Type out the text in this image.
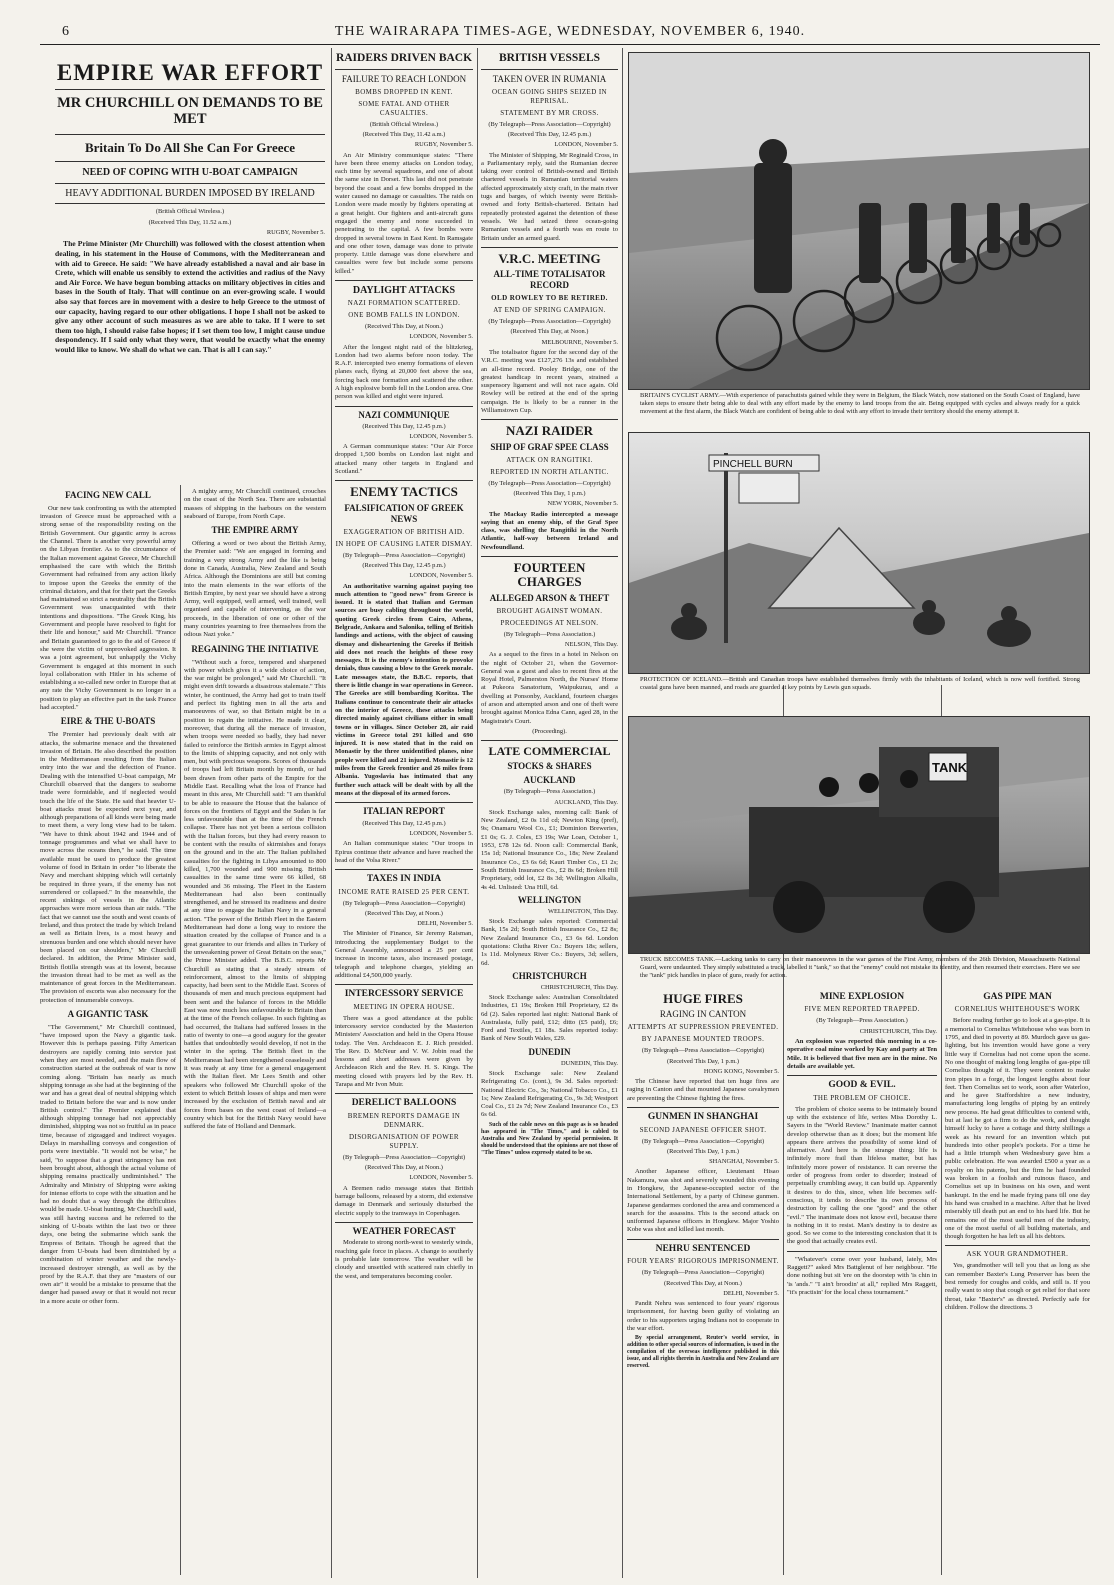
6	THE WAIRARAPA TIMES-AGE, WEDNESDAY, NOVEMBER 6, 1940.
EMPIRE WAR EFFORT
MR CHURCHILL ON DEMANDS TO BE MET
Britain To Do All She Can For Greece
NEED OF COPING WITH U-BOAT CAMPAIGN
HEAVY ADDITIONAL BURDEN IMPOSED BY IRELAND
(British Official Wireless.)
(Received This Day, 11.52 a.m.)
RUGBY, November 5.

The Prime Minister (Mr Churchill) was followed with the closest attention when dealing, in his statement in the House of Commons, with the Mediterranean and with aid to Greece. He said: "We have already established a naval and air base in Crete, which will enable us sensibly to extend the activities and radius of the Navy and Air Force. We have begun bombing attacks on military objectives in cities and bases in the South of Italy. That will continue on an ever-growing scale. I would also say that forces are in movement with a desire to help Greece to the utmost of our capacity, having regard to our other obligations. I hope I shall not be asked to give any other account of such measures as we are able to take. If I were to set them too high, I should raise false hopes; if I set them too low, I might cause undue despondency. If I said only what they were, that would be exactly what the enemy would like to know. We shall do what we can. That is all I can say."

FACING NEW CALL

Our new task confronting us with the attempted invasion of Greece must be approached with a strong sense of the responsibility resting on the British Government. Our gigantic army is across the Channel. There is another very powerful army on the Libyan frontier. As to the circumstance of the Italian movement against Greece, Mr Churchill emphasised the care with which the British Government had refrained from any action likely to impose upon the Greeks the enmity of the criminal dictators, and that for their part the Greeks had maintained so strict a neutrality that the British Government was unacquainted with their intentions and dispositions. "The Greek King, his Government and people have resolved to fight for their life and honour," said Mr Churchill. "France and Britain guaranteed to go to the aid of Greece if she were the victim of unprovoked aggression. It was a joint agreement, but unhappily the Vichy Government is engaged at this moment in such loyal collaboration with Hitler in his scheme of establishing a so-called new order in Europe that at any rate the Vichy Government is no longer in a position to play an effective part in the task France had accepted."

EIRE & THE U-BOATS

The Premier had previously dealt with air attacks, the submarine menace and the threatened invasion of Britain. He also described the position in the Mediterranean resulting from the Italian entry into the war and the defection of France. Dealing with the intensified U-boat campaign, Mr Churchill observed that the dangers to seaborne trade were formidable, and if neglected would touch the life of the State. He said that heavier U-boat attacks must be expected next year, and although preparations of all kinds were being made to meet them, a very long view had to be taken. "We have to think about 1942 and 1944 and of tonnage programmes and what we shall have to move across the oceans then," he said. The time available must be used to produce the greatest volume of food in Britain in order "to liberate the Navy and merchant shipping which will certainly be required in three years, if the enemy has not surrendered or collapsed." In the meanwhile, the recent sinkings of vessels in the Atlantic approaches were more serious than air raids. "The fact that we cannot use the south and west coasts of Ireland, and thus protect the trade by which Ireland as well as Britain lives, is a most heavy and strenuous burden and one which should never have been placed on our shoulders," Mr Churchill declared. In addition, the Prime Minister said, British flotilla strength was at its lowest, because the invasion threat had to be met as well as the maintenance of great forces in the Mediterranean. The provision of escorts was also necessary for the protection of innumerable convoys.

A GIGANTIC TASK

"The Government," Mr Churchill continued, "have imposed upon the Navy a gigantic task. However this is perhaps passing. Fifty American destroyers are rapidly coming into service just when they are most needed, and the main flow of construction started at the outbreak of war is now coming along. "Britain has nearly as much shipping tonnage as she had at the beginning of the war and has a great deal of neutral shipping which traded to Britain before the war and is now under British control." The Premier explained that although shipping tonnage had not appreciably diminished, shipping was not so fruitful as in peace time, because of zigzagged and indirect voyages. Delays in marshalling convoys and congestion of ports were inevitable. "It would not be wise," he said, "to suppose that a great stringency has not been brought about, although the actual volume of shipping remains practically undiminished." The Admiralty and Ministry of Shipping were asking for intense efforts to cope with the situation and he had no doubt that a way through the difficulties would be made. U-boat hunting, Mr Churchill said, was still having success and he referred to the sinking of U-boats within the last two or three days, one being the submarine which sank the Empress of Britain. Though he agreed that the danger from U-boats had been diminished by a combination of winter weather and the newly-increased destroyer strength, as well as by the proof by the R.A.F. that they are "masters of our own air" it would be a mistake to presume that the danger had passed away or that it would not recur in a more acute or other form.

A mighty army, Mr Churchill continued, crouches on the coast of the North Sea. There are substantial masses of shipping in the harbours on the western seaboard of Europe, from North Cape.

THE EMPIRE ARMY

Offering a word or two about the British Army, the Premier said: "We are engaged in forming and training a very strong Army and the like is being done in Canada, Australia, New Zealand and South Africa. Although the Dominions are still but coming into the main elements in the war efforts of the British Empire, by next year we should have a strong Army, well equipped, well armed, well trained, well organised and capable of intervening, as the war proceeds, in the liberation of one or other of the many countries yearning to free themselves from the odious Nazi yoke."

REGAINING THE INITIATIVE

"Without such a force, tempered and sharpened with power which gives it a wide choice of action, the war might be prolonged," said Mr Churchill. "It might even drift towards a disastrous stalemate." This winter, he continued, the Army had got to train itself and perfect its fighting men in all the arts and manoeuvres of war, so that Britain might be in a position to regain the initiative. He made it clear, moreover, that during all the menace of invasion, when troops were needed so badly, they had never failed to reinforce the British armies in Egypt almost to the limits of shipping capacity, and not only with men, but with precious weapons. Scores of thousands of troops had left Britain month by month, or had been drawn from other parts of the Empire for the Middle East. Recalling what the loss of France had meant in this area, Mr Churchill said: "I am thankful to be able to reassure the House that the balance of forces on the frontiers of Egypt and the Sudan is far less unfavourable than at the time of the French collapse. There has not yet been a serious collision with the Italian forces, but they had every reason to be content with the results of skirmishes and forays on the ground and in the air. The Italian published casualties for the fighting in Libya amounted to 800 killed, 1,700 wounded and 900 missing. British casualties in the same time were 66 killed, 68 wounded and 36 missing. The Fleet in the Eastern Mediterranean had also been continually strengthened, and he stressed its readiness and desire at any time to engage the Italian Navy in a general action. "The power of the British Fleet in the Eastern Mediterranean had done a long way to restore the situation created by the collapse of France and is a great guarantee to our friends and allies in Turkey of the unweakening power of Great Britain on the seas," the Prime Minister added. The B.B.C. reports Mr Churchill as stating that a steady stream of reinforcement, almost to the limits of shipping capacity, had been sent to the Middle East. Scores of thousands of men and much precious equipment had been sent and the balance of forces in the Middle East was now much less unfavourable to Britain than at the time of the French collapse. In such fighting as had occurred, the Italians had suffered losses in the ratio of twenty to one—a good augury for the greater battles that undoubtedly would develop, if not in the winter in the spring. The British fleet in the Mediterranean had been strengthened ceaselessly and it was ready at any time for a general engagement with the Italian fleet. Mr Lees Smith and other speakers who followed Mr Churchill spoke of the extent to which British losses of ships and men were increased by the exclusion of British naval and air forces from bases on the west coast of Ireland—a country which but for the British Navy would have suffered the fate of Holland and Denmark.

RAIDERS DRIVEN BACK
FAILURE TO REACH LONDON
BOMBS DROPPED IN KENT.
SOME FATAL AND OTHER CASUALTIES.
(British Official Wireless.)
(Received This Day, 11.42 a.m.)
RUGBY, November 5.

An Air Ministry communique states: "There have been three enemy attacks on London today, each time by several squadrons, and one of about the same size in Dorset. This last did not penetrate beyond the coast and a few bombs dropped in the water caused no damage or casualties. The raids on London were made mostly by fighters operating at a great height. Our fighters and anti-aircraft guns engaged the enemy and none succeeded in penetrating to the capital. A few bombs were dropped in several towns in East Kent. In Ramsgate and one other town, damage was done to private property. Little damage was done elsewhere and casualties were few but include some persons killed."

DAYLIGHT ATTACKS
NAZI FORMATION SCATTERED.
ONE BOMB FALLS IN LONDON.
(Received This Day, at Noon.)
LONDON, November 5.

After the longest night raid of the blitzkrieg, London had two alarms before noon today. The R.A.F. intercepted two enemy formations of eleven planes each, flying at 20,000 feet above the sea, forcing back one formation and scattered the other. A high explosive bomb fell in the London area. One person was killed and eight were injured.

NAZI COMMUNIQUE
(Received This Day, 12.45 p.m.)
LONDON, November 5.

A German communique states: "Our Air Force dropped 1,500 bombs on London last night and attacked many other targets in England and Scotland."

ENEMY TACTICS
FALSIFICATION OF GREEK NEWS
EXAGGERATION OF BRITISH AID.
IN HOPE OF CAUSING LATER DISMAY.
(By Telegraph—Press Association—Copyright)
(Received This Day, 12.45 p.m.)
LONDON, November 5.

An authoritative warning against paying too much attention to "good news" from Greece is issued. It is stated that Italian and German sources are busy cabling throughout the world, quoting Greek circles from Cairo, Athens, Belgrade, Ankara and Salonika, telling of British landings and actions, with the object of causing dismay and disheartening the Greeks if British aid does not reach the heights of these rosy messages. It is the enemy's intention to provoke denials, thus causing a blow to the Greek morale. Late messages state, the B.B.C. reports, that there is little change in war operations in Greece. The Greeks are still bombarding Koritza. The Italians continue to concentrate their air attacks on the interior of Greece, these attacks being directed mainly against civilians either in small towns or in villages. Since October 28, air raid victims in Greece total 291 killed and 690 injured. It is now stated that in the raid on Monastir by the three unidentified planes, nine people were killed and 21 injured. Monastir is 12 miles from the Greek frontier and 26 miles from Albania. Yugoslavia has intimated that any further such attack will be dealt with by all the means at the disposal of its armed forces.

ITALIAN REPORT
(Received This Day, 12.45 p.m.)
LONDON, November 5.

An Italian communique states: "Our troops in Epirus continue their advance and have reached the head of the Volsa River."

TAXES IN INDIA
INCOME RATE RAISED 25 PER CENT.
(By Telegraph—Press Association—Copyright)
(Received This Day, at Noon.)
DELHI, November 5.

The Minister of Finance, Sir Jeremy Raisman, introducing the supplementary Budget to the General Assembly, announced a 25 per cent increase in income taxes, also increased postage, telegraph and telephone charges, yielding an additional £4,500,000 yearly.

INTERCESSORY SERVICE
MEETING IN OPERA HOUSE.

There was a good attendance at the public intercessory service conducted by the Masterton Ministers' Association and held in the Opera House today. The Ven. Archdeacon E. J. Rich presided. The Rev. D. McNeur and V. W. Jobin read the lessons and short addresses were given by Archdeacon Rich and the Rev. H. S. Kings. The meeting closed with prayers led by the Rev. H. Tarapa and Mr Ivon Muir.

DERELICT BALLOONS
BREMEN REPORTS DAMAGE IN DENMARK.
DISORGANISATION OF POWER SUPPLY.
(By Telegraph—Press Association—Copyright)
(Received This Day, at Noon.)
LONDON, November 5.

A Bremen radio message states that British barrage balloons, released by a storm, did extensive damage in Denmark and seriously disturbed the electric supply to the tramways in Copenhagen.

WEATHER FORECAST

Moderate to strong north-west to westerly winds, reaching gale force in places. A change to southerly is probable late tomorrow. The weather will be cloudy and unsettled with scattered rain chiefly in the west, and temperatures becoming cooler.

BRITISH VESSELS
TAKEN OVER IN RUMANIA
OCEAN GOING SHIPS SEIZED IN REPRISAL.
STATEMENT BY MR CROSS.
(By Telegraph—Press Association—Copyright)
(Received This Day, 12.45 p.m.)
LONDON, November 5.

The Minister of Shipping, Mr Reginald Cross, in a Parliamentary reply, said the Rumanian decree taking over control of British-owned and British chartered vessels in Rumanian territorial waters affected approximately sixty craft, in the main river tugs and barges, of which twenty were British-owned and forty British-chartered. Britain had repeatedly protested against the detention of these vessels. We had seized three ocean-going Rumanian vessels and a fourth was en route to Britain under an armed guard.

V.R.C. MEETING
ALL-TIME TOTALISATOR RECORD
OLD ROWLEY TO BE RETIRED.
AT END OF SPRING CAMPAIGN.
(By Telegraph—Press Association—Copyright)
(Received This Day, at Noon.)
MELBOURNE, November 5.

The totalisator figure for the second day of the V.R.C. meeting was £127,276 13s and established an all-time record. Pooley Bridge, one of the greatest handicap in recent years, strained a suspensory ligament and will not race again. Old Rowley will be retired at the end of the spring campaign. He is likely to be a runner in the Williamstown Cup.

NAZI RAIDER
SHIP OF GRAF SPEE CLASS
ATTACK ON RANGITIKI.
REPORTED IN NORTH ATLANTIC.
(By Telegraph—Press Association—Copyright)
(Received This Day, 1 p.m.)
NEW YORK, November 5.

The Mackay Radio intercepted a message saying that an enemy ship, of the Graf Spee class, was shelling the Rangitiki in the North Atlantic, half-way between Ireland and Newfoundland.

FOURTEEN CHARGES
ALLEGED ARSON & THEFT
BROUGHT AGAINST WOMAN.
PROCEEDINGS AT NELSON.
(By Telegraph—Press Association.)
NELSON, This Day.

As a sequel to the fires in a hotel in Nelson on the night of October 21, when the Governor-General was a guest and also to recent fires at the Royal Hotel, Palmerston North, the Nurses' Home at Pukeora Sanatorium, Waipukurau, and a dwelling at Ponsonby, Auckland, fourteen charges of arson and attempted arson and one of theft were brought against Monica Edna Cann, aged 28, in the Magistrate's Court.

(Proceeding).
LATE COMMERCIAL
STOCKS & SHARES
AUCKLAND
(By Telegraph—Press Association.)
AUCKLAND, This Day.

Stock Exchange sales, morning call: Bank of New Zealand, £2 0s 11d cd; Newton King (pref), 9s; Onamaru Wool Co., £1; Dominion Breweries, £1 0s; G. J. Coles, £3 19s; War Loan, October 1, 1953, £78 12s 6d. Noon call: Commercial Bank, 15s 1d; National Insurance Co., 18s; New Zealand Insurance Co., £3 6s 6d; Kauri Timber Co., £1 2s; South British Insurance Co., £2 8s 6d; Broken Hill Proprietary, odd lot, £2 8s 3d; Wellington Alkalis, 4s 4d. Unlisted: Una Hill, 6d.

WELLINGTON
WELLINGTON, This Day.

Stock Exchange sales reported: Commercial Bank, 15s 2d; South British Insurance Co., £2 8s; New Zealand Insurance Co., £3 6s 6d. London quotations: Clutha River Co.: Buyers 18s; sellers, 1s 11d. Molyneux River Co.: Buyers, 3d; sellers, 6d.

CHRISTCHURCH
CHRISTCHURCH, This Day.

Stock Exchange sales: Australian Consolidated Industries, £1 19s; Broken Hill Proprietary, £2 8s 6d (2). Sales reported last night: National Bank of Australasia, fully paid, £12; ditto (£5 paid), £6; Ford and Textiles, £1 18s. Sales reported today: Bank of New South Wales, £29.

DUNEDIN
DUNEDIN, This Day.

Stock Exchange sale: New Zealand Refrigerating Co. (cont.), 9s 3d. Sales reported: National Electric Co., 3s; National Tobacco Co., £1 1s; New Zealand Refrigerating Co., 9s 3d; Westport Coal Co., £1 2s 7d; New Zealand Insurance Co., £3 6s 6d.

Such of the cable news on this page as is so headed has appeared in "The Times," and is cabled to Australia and New Zealand by special permission. It should be understood that the opinions are not those of "The Times" unless expressly stated to be so.

BRITAIN'S CYCLIST ARMY.—With experience of parachutists gained while they were in Belgium, the Black Watch, now stationed on the South Coast of England, have taken steps to ensure their being able to deal with any effort made by the enemy to land troops from the air. Being equipped with cycles and always ready for a quick movement at the first alarm, the Black Watch are confident of being able to deal with any effort to invade their territory should the enemy attempt it.
PINCHELL BURN
PROTECTION OF ICELAND.—British and Canadian troops have established themselves firmly with the inhabitants of Iceland, which is now well fortified. Strong coastal guns have been manned, and roads are guarded at key points by Lewis gun squads.
TANK
TRUCK BECOMES TANK.—Lacking tanks to carry on their manoeuvres in the war games of the First Army, members of the 26th Division, Massachusetts National Guard, were undaunted. They simply substituted a truck, labelled it "tank," so that the "enemy" could not mistake its identity, and then resumed their exercises. Here we see the "tank" pick handles in place of guns, ready for action.
HUGE FIRES
RAGING IN CANTON
ATTEMPTS AT SUPPRESSION PREVENTED.
BY JAPANESE MOUNTED TROOPS.
(By Telegraph—Press Association—Copyright)
(Received This Day, 1 p.m.)
HONG KONG, November 5.

The Chinese have reported that ten huge fires are raging in Canton and that mounted Japanese cavalrymen are preventing the Chinese fighting the fires.

GUNMEN IN SHANGHAI
SECOND JAPANESE OFFICER SHOT.
(By Telegraph—Press Association—Copyright)
(Received This Day, 1 p.m.)
SHANGHAI, November 5.

Another Japanese officer, Lieutenant Hisao Nakamura, was shot and severely wounded this evening in Hongkew, the Japanese-occupied sector of the International Settlement, by a party of Chinese gunmen. Japanese gendarmes cordoned the area and commenced a search for the assassins. This is the second attack on uniformed Japanese officers in Hongkew. Major Yoshio Kobe was shot and killed last month.

NEHRU SENTENCED
FOUR YEARS' RIGOROUS IMPRISONMENT.
(By Telegraph—Press Association—Copyright)
(Received This Day, at Noon.)
DELHI, November 5.

Pandit Nehru was sentenced to four years' rigorous imprisonment, for having been guilty of violating an order to his supporters urging Indians not to cooperate in the war effort.

By special arrangement, Reuter's world service, in addition to other special sources of information, is used in the compilation of the overseas intelligence published in this issue, and all rights therein in Australia and New Zealand are reserved.

MINE EXPLOSION
FIVE MEN REPORTED TRAPPED.
(By Telegraph—Press Association.)
CHRISTCHURCH, This Day.

An explosion was reported this morning in a co-operative coal mine worked by Kay and party at Ten Mile. It is believed that five men are in the mine. No details are available yet.

GOOD & EVIL.
THE PROBLEM OF CHOICE.

The problem of choice seems to be intimately bound up with the existence of life, writes Miss Dorothy L. Sayers in the "World Review." Inanimate matter cannot develop otherwise than as it does; but the moment life appears there arrives the possibility of some kind of alternative. And here is the strange thing: life is infinitely more frail than lifeless matter, but has infinitely more power of resistance. It can reverse the order of progress from order to disorder; instead of perpetually crumbling away, it can build up. Apparently it desires to do this, since, when life becomes self-conscious, it tends to describe its own process of destruction by calling the one "good" and the other "evil." The inanimate does not know evil, because there is nothing in it to resist. Man's destiny is to desire as good. So we come to the interesting conclusion that it is the good that actually creates evil.

"Whatever's come over your husband, lately, Mrs Raggett?" asked Mrs Battglenut of her neighbour. "He done nothing but sit 'ere on the doorstep with 'is chin in 'is 'ands." "I ain't broodin' at all," replied Mrs Raggett, "it's practisin' for the local chess tournament."

GAS PIPE MAN
CORNELIUS WHITEHOUSE'S WORK

Before reading further go to look at a gas-pipe. It is a memorial to Cornelius Whitehouse who was born in 1795, and died in poverty at 89. Murdoch gave us gas-lighting, but his invention would have gone a very little way if Cornelius had not come upon the scene. No one thought of making long lengths of gas-pipe till Cornelius thought of it. They were content to make iron pipes in a forge, the longest lengths about four feet. Then Cornelius set to work, soon after Waterloo, and he gave Staffordshire a new industry, manufacturing long lengths of piping by an entirely new process. He had great difficulties to contend with, but at last he got a firm to do the work, and thought himself lucky to have a cottage and thirty shillings a week as his reward for an invention which put hundreds into other people's pockets. For a time he had a little triumph when Wednesbury gave him a public celebration. He was awarded £500 a year as a royalty on his patents, but the firm he had founded was broken in a foolish and ruinous fiasco, and Cornelius set up in business on his own, and went bankrupt. In the end he made frying pans till one day his hand was crushed in a machine. After that he lived miserably till death put an end to his hard life. But he remains one of the most useful men of the industry, one of the most useful of all building materials, and though forgotten he has left us all his debtors.

ASK YOUR GRANDMOTHER.

Yes, grandmother will tell you that as long as she can remember Baxter's Lung Preserver has been the best remedy for coughs and colds, and still is. If you really want to stop that cough or get relief for that sore throat, take "Baxter's" as directed. Perfectly safe for children. Follow the directions. 3
